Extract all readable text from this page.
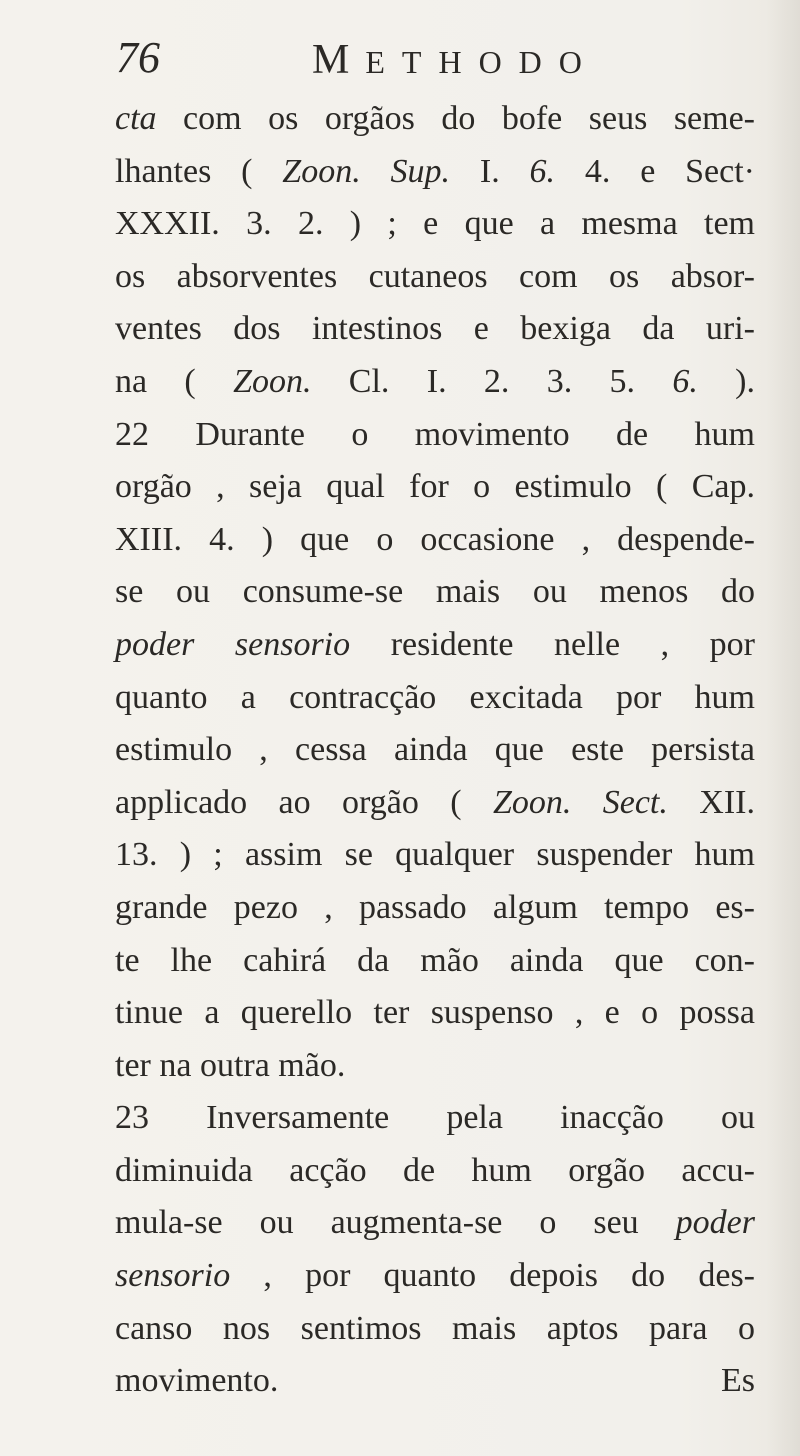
76	METHODO
cta com os orgãos do bofe seus seme-
lhantes ( Zoon. Sup. I. 6. 4. e Sect·
XXXII. 3. 2. ) ; e que a mesma tem
os absorventes cutaneos com os absor-
ventes dos intestinos e bexiga da uri-
na ( Zoon. Cl. I. 2. 3. 5. 6. ).
22 Durante o movimento de hum
orgão , seja qual for o estimulo ( Cap.
XIII. 4. ) que o occasione , despende-
se ou consume-se mais ou menos do
poder sensorio residente nelle , por
quanto a contracção excitada por hum
estimulo , cessa ainda que este persista
applicado ao orgão ( Zoon. Sect. XII.
13. ) ; assim se qualquer suspender hum
grande pezo , passado algum tempo es-
te lhe cahirá da mão ainda que con-
tinue a querello ter suspenso , e o possa
ter na outra mão.
23 Inversamente pela inacção ou
diminuida acção de hum orgão accu-
mula-se ou augmenta-se o seu poder
sensorio , por quanto depois do des-
canso nos sentimos mais aptos para o
movimento.	Es
